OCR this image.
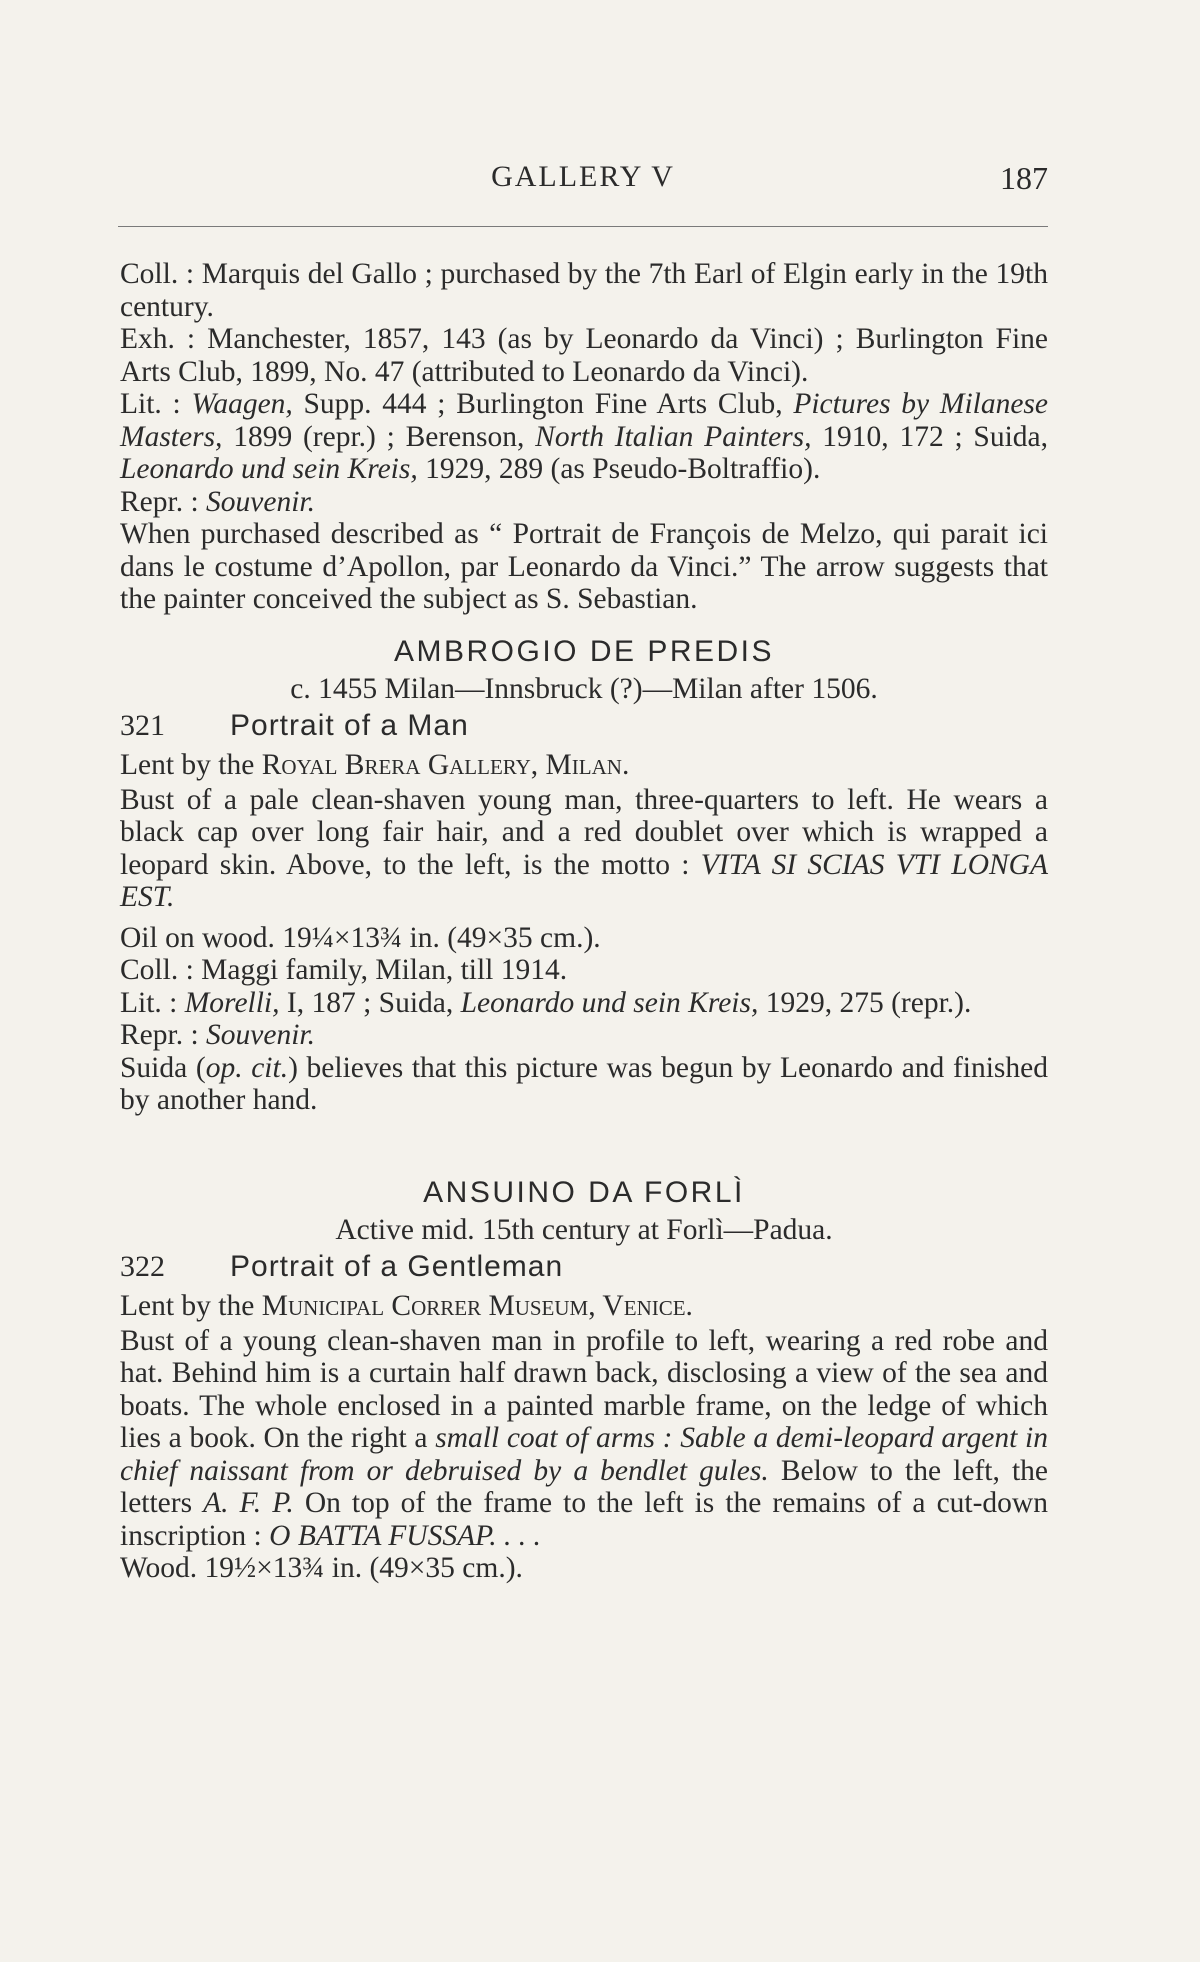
GALLERY V	187

Coll. : Marquis del Gallo ; purchased by the 7th Earl of Elgin early in the 19th century.

Exh. : Manchester, 1857, 143 (as by Leonardo da Vinci) ; Burlington Fine Arts Club, 1899, No. 47 (attributed to Leonardo da Vinci).

Lit. : Waagen, Supp. 444 ; Burlington Fine Arts Club, Pictures by Milanese Masters, 1899 (repr.) ; Berenson, North Italian Painters, 1910, 172 ; Suida, Leonardo und sein Kreis, 1929, 289 (as Pseudo-Boltraffio).

Repr. : Souvenir.

When purchased described as “ Portrait de François de Melzo, qui parait ici dans le costume d’Apollon, par Leonardo da Vinci.” The arrow suggests that the painter conceived the subject as S. Sebastian.

AMBROGIO DE PREDIS
c. 1455 Milan—Innsbruck (?)—Milan after 1506.
321 Portrait of a Man
Lent by the Royal Brera Gallery, Milan.

Bust of a pale clean-shaven young man, three-quarters to left. He wears a black cap over long fair hair, and a red doublet over which is wrapped a leopard skin. Above, to the left, is the motto : VITA SI SCIAS VTI LONGA EST.

Oil on wood. 19¼×13¾ in. (49×35 cm.).

Coll. : Maggi family, Milan, till 1914.

Lit. : Morelli, I, 187 ; Suida, Leonardo und sein Kreis, 1929, 275 (repr.).

Repr. : Souvenir.

Suida (op. cit.) believes that this picture was begun by Leonardo and finished by another hand.

ANSUINO DA FORLÌ
Active mid. 15th century at Forlì—Padua.
322 Portrait of a Gentleman
Lent by the Municipal Correr Museum, Venice.

Bust of a young clean-shaven man in profile to left, wearing a red robe and hat. Behind him is a curtain half drawn back, disclosing a view of the sea and boats. The whole enclosed in a painted marble frame, on the ledge of which lies a book. On the right a small coat of arms : Sable a demi-leopard argent in chief naissant from or debruised by a bendlet gules. Below to the left, the letters A. F. P. On top of the frame to the left is the remains of a cut-down inscription : O BATTA FUSSAP. . . .

Wood. 19½×13¾ in. (49×35 cm.).
